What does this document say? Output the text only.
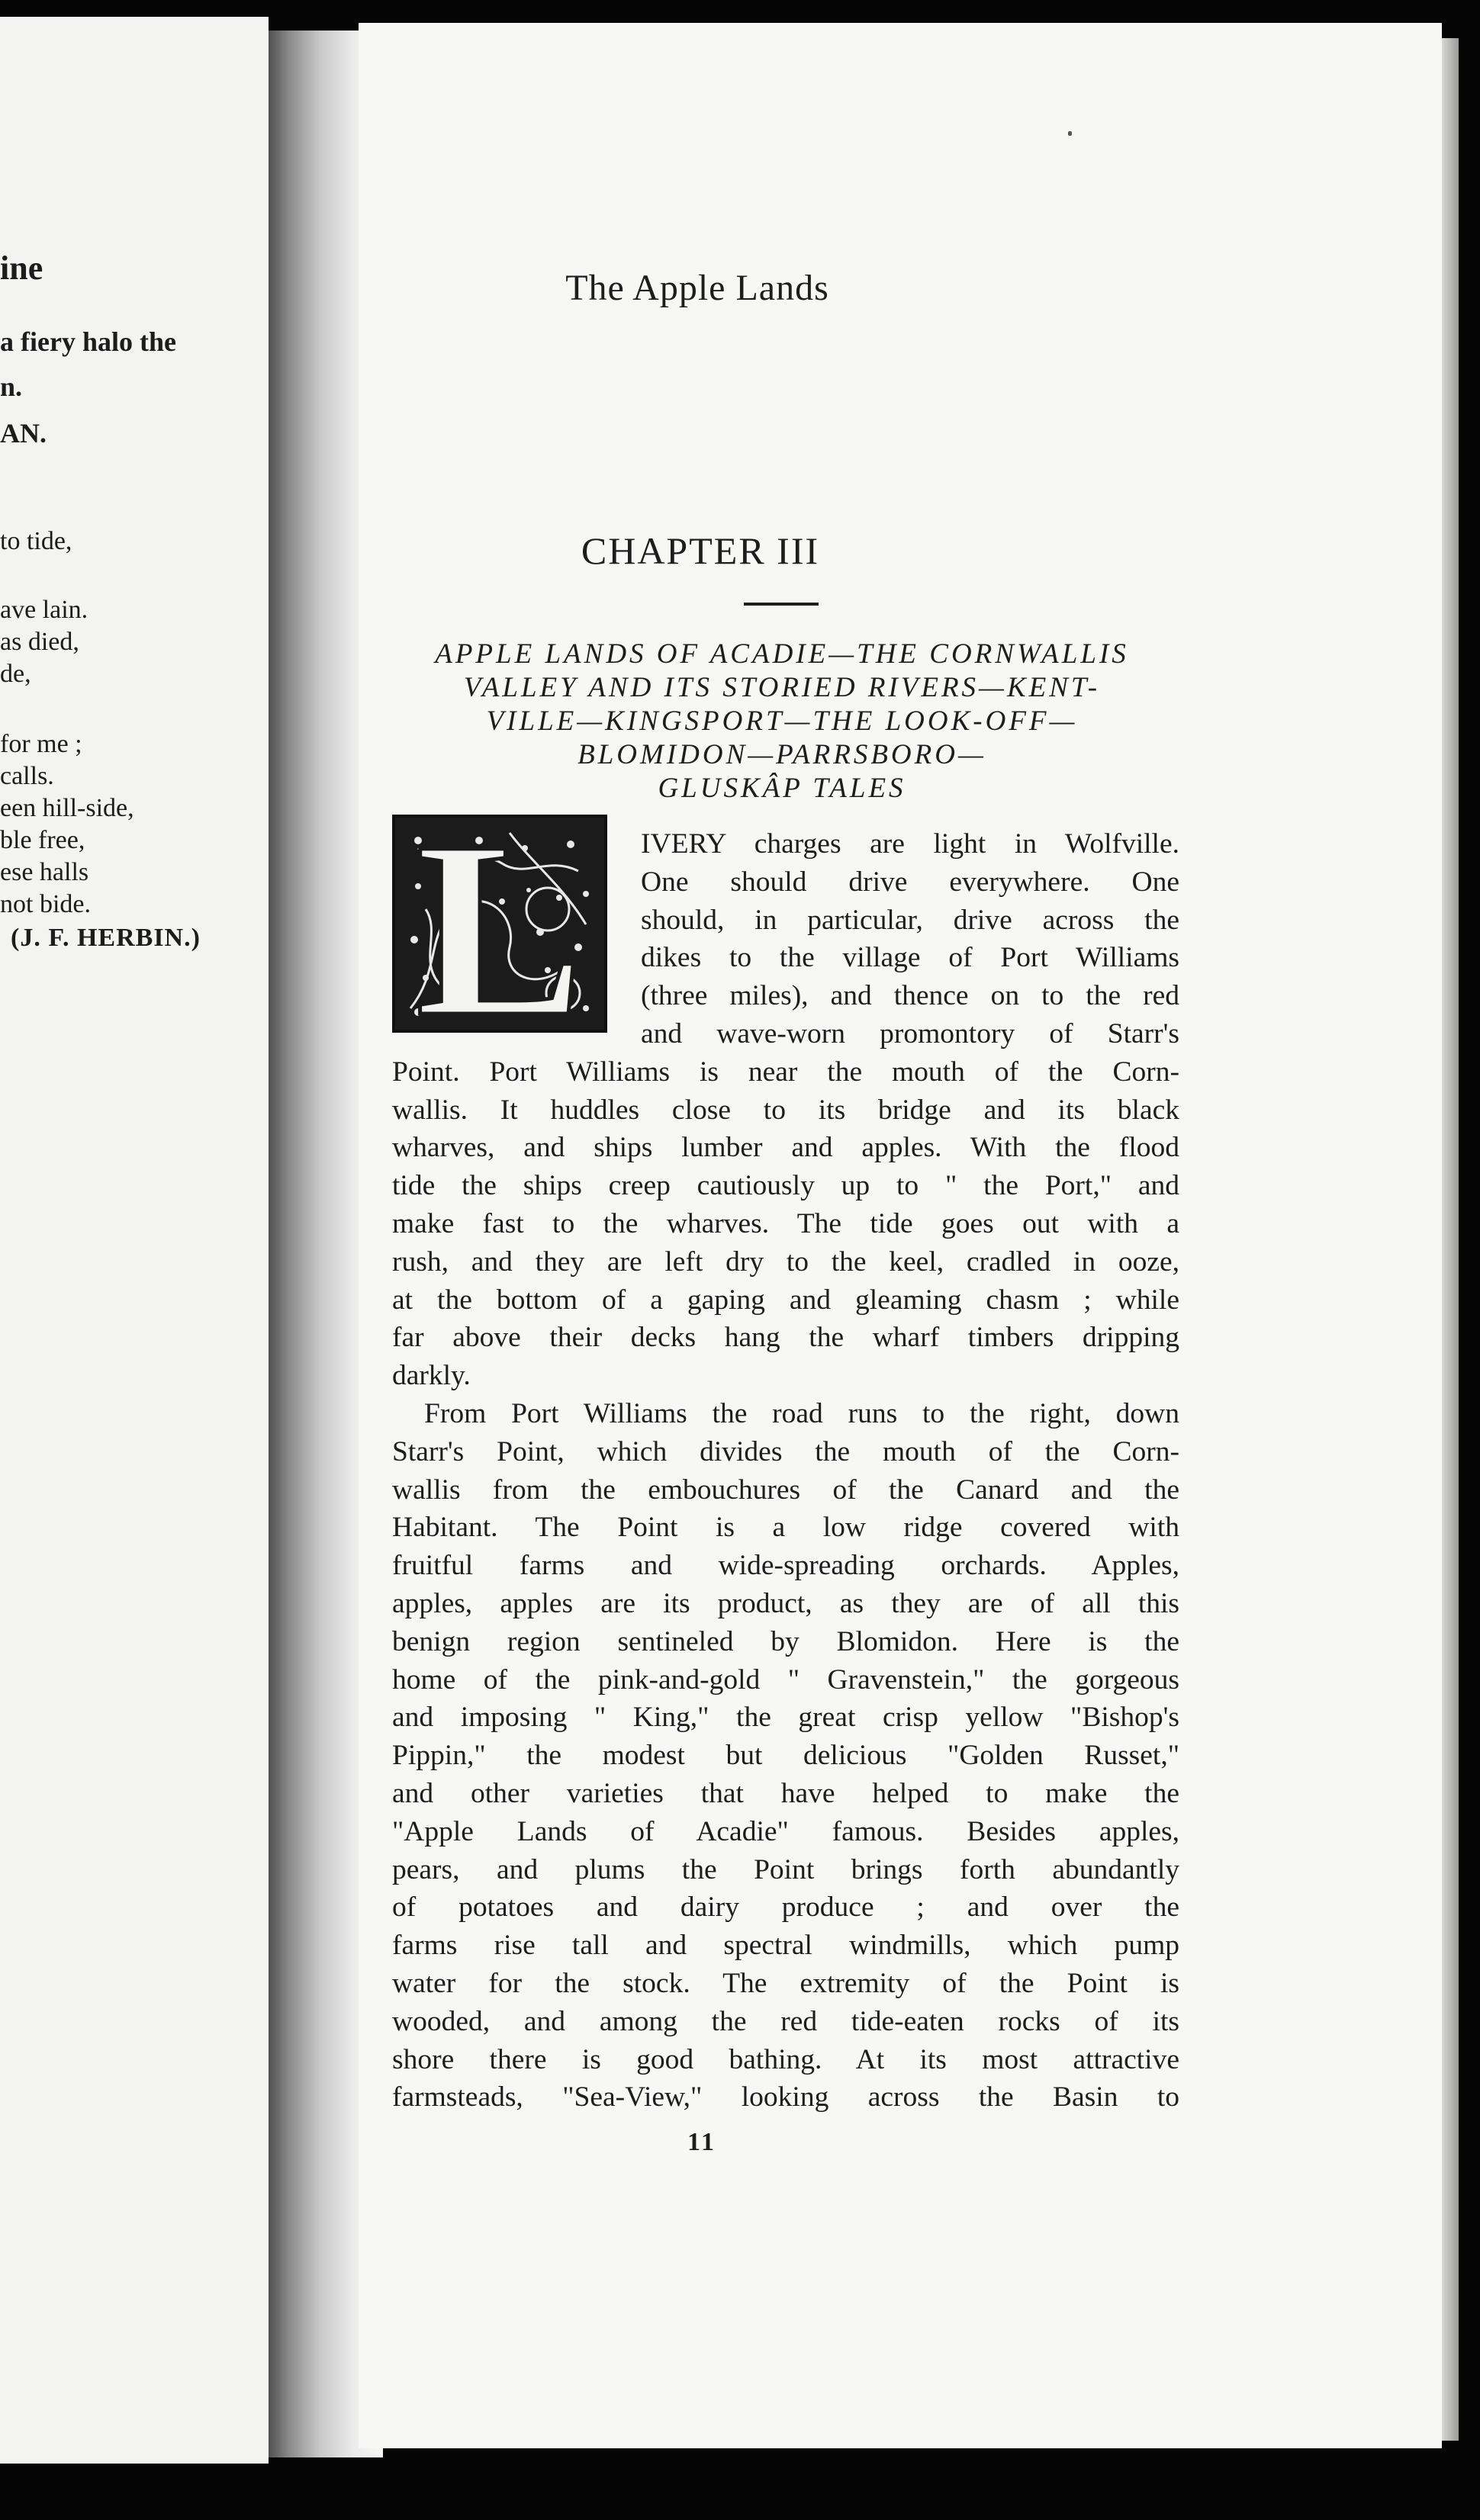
ine
a fiery halo the
n.
AN.
to tide,
ave lain.
as died,
de,
for me ;
calls.
een hill-side,
ble free,
ese halls
not bide.
(J. F. HERBIN.)
The Apple Lands
CHAPTER III
APPLE LANDS OF ACADIE—THE CORNWALLIS
VALLEY AND ITS STORIED RIVERS—KENT-
VILLE—KINGSPORT—THE LOOK-OFF—
BLOMIDON—PARRSBORO—
GLUSKÂP TALES
L	IVERY charges are light in Wolfville.
One should drive everywhere. One
should, in particular, drive across the
dikes to the village of Port Williams
(three miles), and thence on to the red
and wave-worn promontory of Starr's
Point. Port Williams is near the mouth of the Corn-
wallis. It huddles close to its bridge and its black
wharves, and ships lumber and apples. With the flood
tide the ships creep cautiously up to " the Port," and
make fast to the wharves. The tide goes out with a
rush, and they are left dry to the keel, cradled in ooze,
at the bottom of a gaping and gleaming chasm ; while
far above their decks hang the wharf timbers dripping
darkly.
From Port Williams the road runs to the right, down
Starr's Point, which divides the mouth of the Corn-
wallis from the embouchures of the Canard and the
Habitant. The Point is a low ridge covered with
fruitful farms and wide-spreading orchards. Apples,
apples, apples are its product, as they are of all this
benign region sentineled by Blomidon. Here is the
home of the pink-and-gold " Gravenstein," the gorgeous
and imposing " King," the great crisp yellow "Bishop's
Pippin," the modest but delicious "Golden Russet,"
and other varieties that have helped to make the
"Apple Lands of Acadie" famous. Besides apples,
pears, and plums the Point brings forth abundantly
of potatoes and dairy produce ; and over the
farms rise tall and spectral windmills, which pump
water for the stock. The extremity of the Point is
wooded, and among the red tide-eaten rocks of its
shore there is good bathing. At its most attractive
farmsteads, "Sea-View," looking across the Basin to
11
